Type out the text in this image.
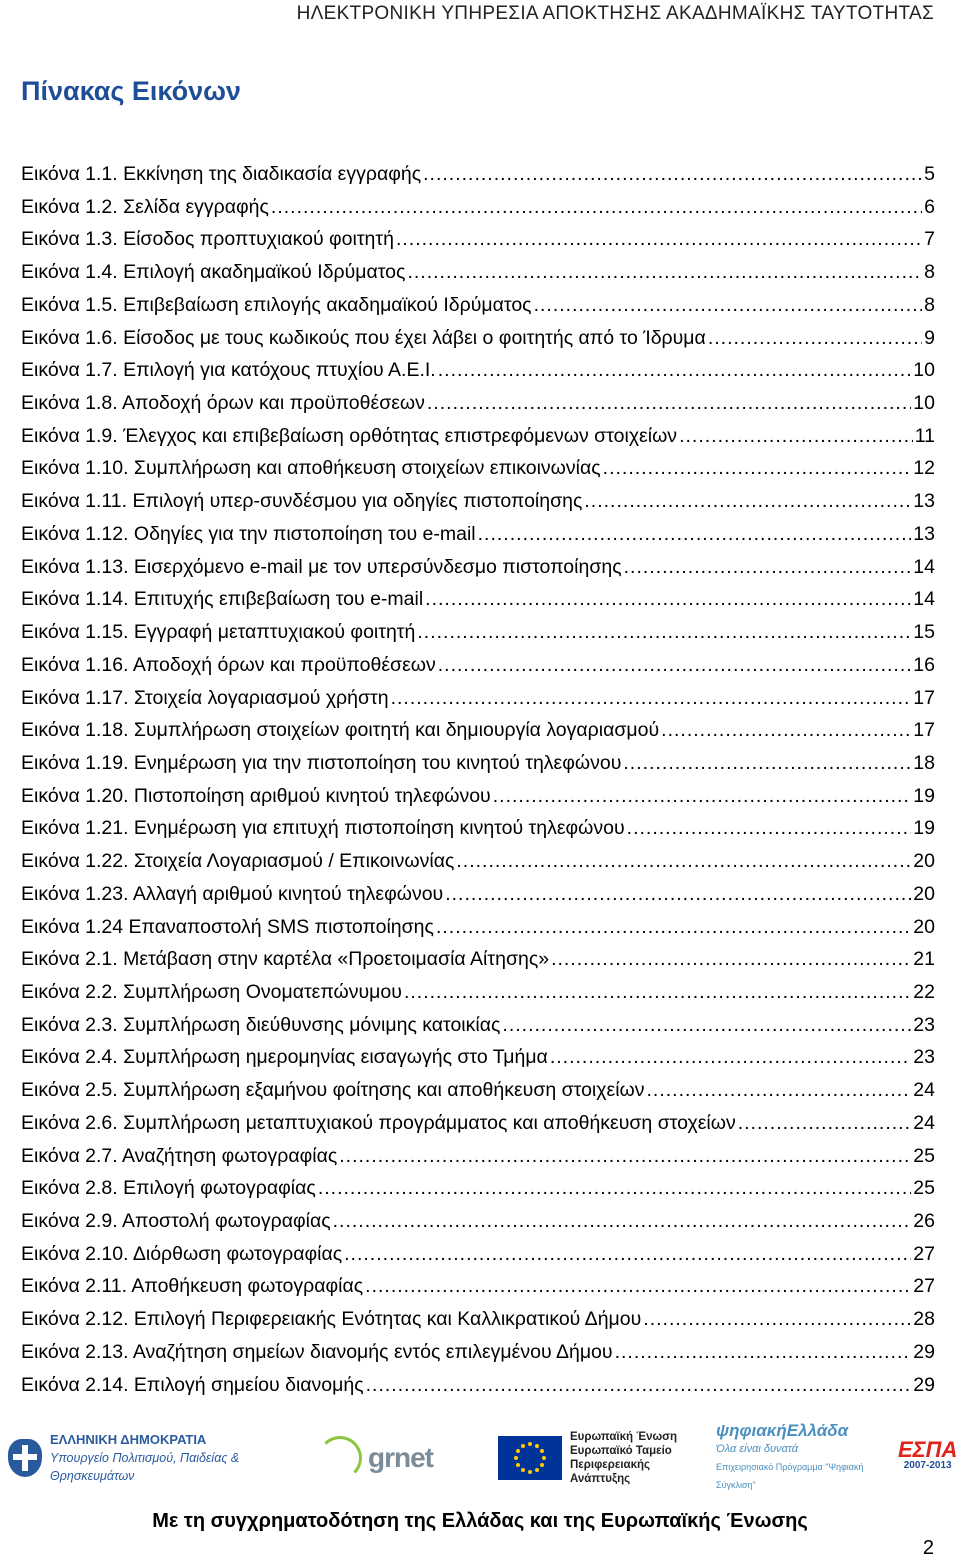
ΗΛΕΚΤΡΟΝΙΚΗ ΥΠΗΡΕΣΙΑ ΑΠΟΚΤΗΣΗΣ ΑΚΑΔΗΜΑΪΚΗΣ ΤΑΥΤΟΤΗΤΑΣ
Πίνακας Εικόνων
Εικόνα 1.1. Εκκίνηση της διαδικασία εγγραφής .....	5
Εικόνα 1.2. Σελίδα εγγραφής .....	6
Εικόνα 1.3. Είσοδος προπτυχιακού φοιτητή .....	7
Εικόνα 1.4. Επιλογή ακαδημαϊκού Ιδρύματος .....	8
Εικόνα 1.5. Επιβεβαίωση επιλογής ακαδημαϊκού Ιδρύματος .....	8
Εικόνα 1.6. Είσοδος με τους κωδικούς που έχει λάβει ο φοιτητής από το Ίδρυμα .....	9
Εικόνα 1.7. Επιλογή για κατόχους πτυχίου Α.Ε.Ι. .....	10
Εικόνα 1.8. Αποδοχή όρων και προϋποθέσεων .....	10
Εικόνα 1.9. Έλεγχος και επιβεβαίωση ορθότητας επιστρεφόμενων στοιχείων .....	11
Εικόνα 1.10. Συμπλήρωση και αποθήκευση στοιχείων επικοινωνίας .....	12
Εικόνα 1.11. Επιλογή υπερ-συνδέσμου για οδηγίες πιστοποίησης .....	13
Εικόνα 1.12. Οδηγίες για την πιστοποίηση του e-mail .....	13
Εικόνα 1.13. Εισερχόμενο e-mail με τον υπερσύνδεσμο πιστοποίησης .....	14
Εικόνα 1.14. Επιτυχής επιβεβαίωση του e-mail .....	14
Εικόνα 1.15. Εγγραφή μεταπτυχιακού φοιτητή .....	15
Εικόνα 1.16. Αποδοχή όρων και προϋποθέσεων .....	16
Εικόνα 1.17. Στοιχεία λογαριασμού χρήστη .....	17
Εικόνα 1.18. Συμπλήρωση στοιχείων φοιτητή και δημιουργία λογαριασμού .....	17
Εικόνα 1.19. Ενημέρωση για την πιστοποίηση του κινητού τηλεφώνου .....	18
Εικόνα 1.20. Πιστοποίηση αριθμού κινητού τηλεφώνου .....	19
Εικόνα 1.21. Ενημέρωση για επιτυχή πιστοποίηση κινητού τηλεφώνου .....	19
Εικόνα 1.22. Στοιχεία Λογαριασμού / Επικοινωνίας .....	20
Εικόνα 1.23. Αλλαγή αριθμού κινητού τηλεφώνου .....	20
Εικόνα 1.24 Επαναποστολή SMS πιστοποίησης .....	20
Εικόνα 2.1. Μετάβαση στην καρτέλα «Προετοιμασία Αίτησης» .....	21
Εικόνα 2.2. Συμπλήρωση Ονοματεπώνυμου .....	22
Εικόνα 2.3. Συμπλήρωση διεύθυνσης μόνιμης κατοικίας .....	23
Εικόνα 2.4. Συμπλήρωση ημερομηνίας εισαγωγής στο Τμήμα .....	23
Εικόνα 2.5. Συμπλήρωση εξαμήνου φοίτησης και αποθήκευση στοιχείων .....	24
Εικόνα 2.6. Συμπλήρωση μεταπτυχιακού προγράμματος και αποθήκευση στοχείων .....	24
Εικόνα 2.7. Αναζήτηση φωτογραφίας .....	25
Εικόνα 2.8. Επιλογή φωτογραφίας .....	25
Εικόνα 2.9. Αποστολή φωτογραφίας .....	26
Εικόνα 2.10. Διόρθωση φωτογραφίας .....	27
Εικόνα 2.11. Αποθήκευση φωτογραφίας .....	27
Εικόνα 2.12. Επιλογή Περιφερειακής Ενότητας και Καλλικρατικού Δήμου .....	28
Εικόνα 2.13. Αναζήτηση σημείων διανομής εντός επιλεγμένου Δήμου .....	29
Εικόνα 2.14. Επιλογή σημείου διανομής .....	29
ΕΛΛΗΝΙΚΗ ΔΗΜΟΚΡΑΤΙΑ
Υπουργείο Πολιτισμού, Παιδείας & Θρησκευμάτων
grnet
Ευρωπαϊκή Ένωση
Ευρωπαϊκό Ταμείο
Περιφερειακής
Ανάπτυξης
ψηφιακήΕλλάδα
Όλα είναι δυνατά
Επιχειρησιακό Πρόγραμμα "Ψηφιακή Σύγκλιση"
ΕΣΠΑ
2007-2013
Με τη συγχρηματοδότηση της Ελλάδας και της Ευρωπαϊκής Ένωσης
2
